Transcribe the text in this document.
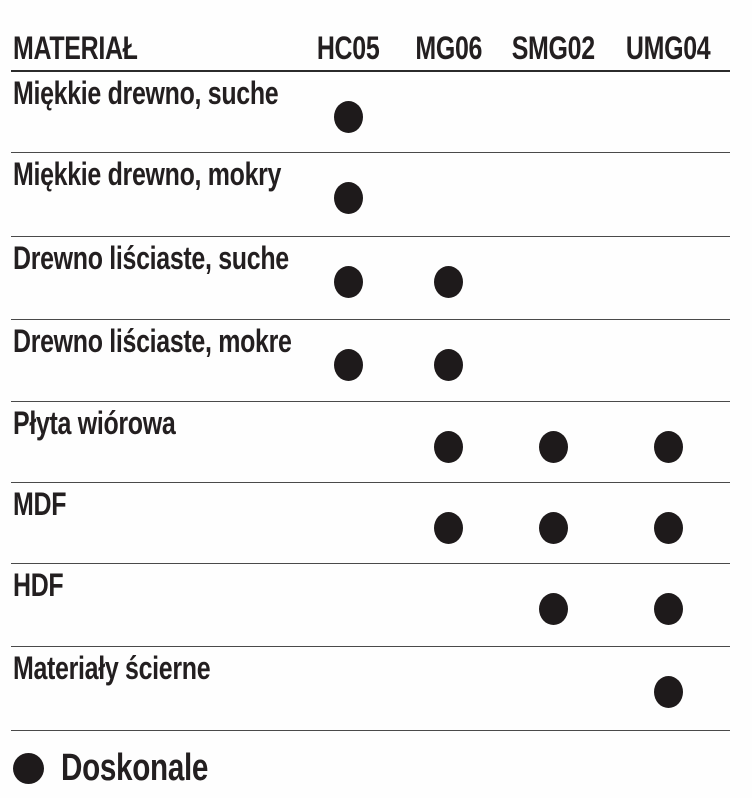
MATERIAŁ	HC05	MG06 SMG02 UMG04
Miękkie drewno, suche
Miękkie drewno, mokry
Drewno liściaste, suche
Drewno liściaste, mokre
Płyta wiórowa
MDF
HDF
Materiały ścierne
Doskonale
